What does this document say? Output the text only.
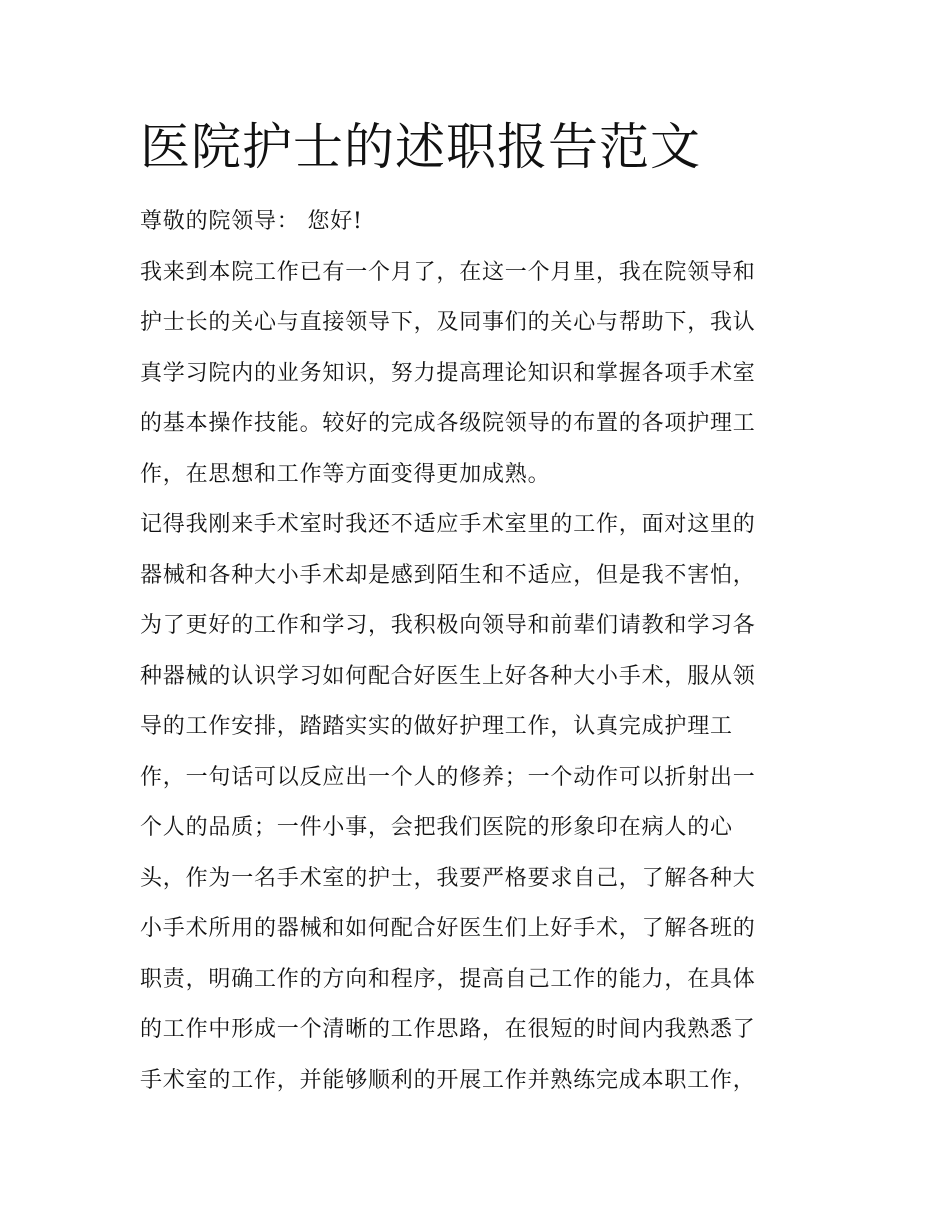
医院护士的述职报告范文
尊敬的院领导： 您好!
我来到本院工作已有一个月了，在这一个月里，我在院领导和
护士长的关心与直接领导下，及同事们的关心与帮助下，我认
真学习院内的业务知识，努力提高理论知识和掌握各项手术室
的基本操作技能。较好的完成各级院领导的布置的各项护理工
作，在思想和工作等方面变得更加成熟。
记得我刚来手术室时我还不适应手术室里的工作，面对这里的
器械和各种大小手术却是感到陌生和不适应，但是我不害怕，
为了更好的工作和学习，我积极向领导和前辈们请教和学习各
种器械的认识学习如何配合好医生上好各种大小手术，服从领
导的工作安排，踏踏实实的做好护理工作，认真完成护理工
作，一句话可以反应出一个人的修养；一个动作可以折射出一
个人的品质；一件小事，会把我们医院的形象印在病人的心
头，作为一名手术室的护士，我要严格要求自己，了解各种大
小手术所用的器械和如何配合好医生们上好手术，了解各班的
职责，明确工作的方向和程序，提高自己工作的能力，在具体
的工作中形成一个清晰的工作思路，在很短的时间内我熟悉了
手术室的工作，并能够顺利的开展工作并熟练完成本职工作，
